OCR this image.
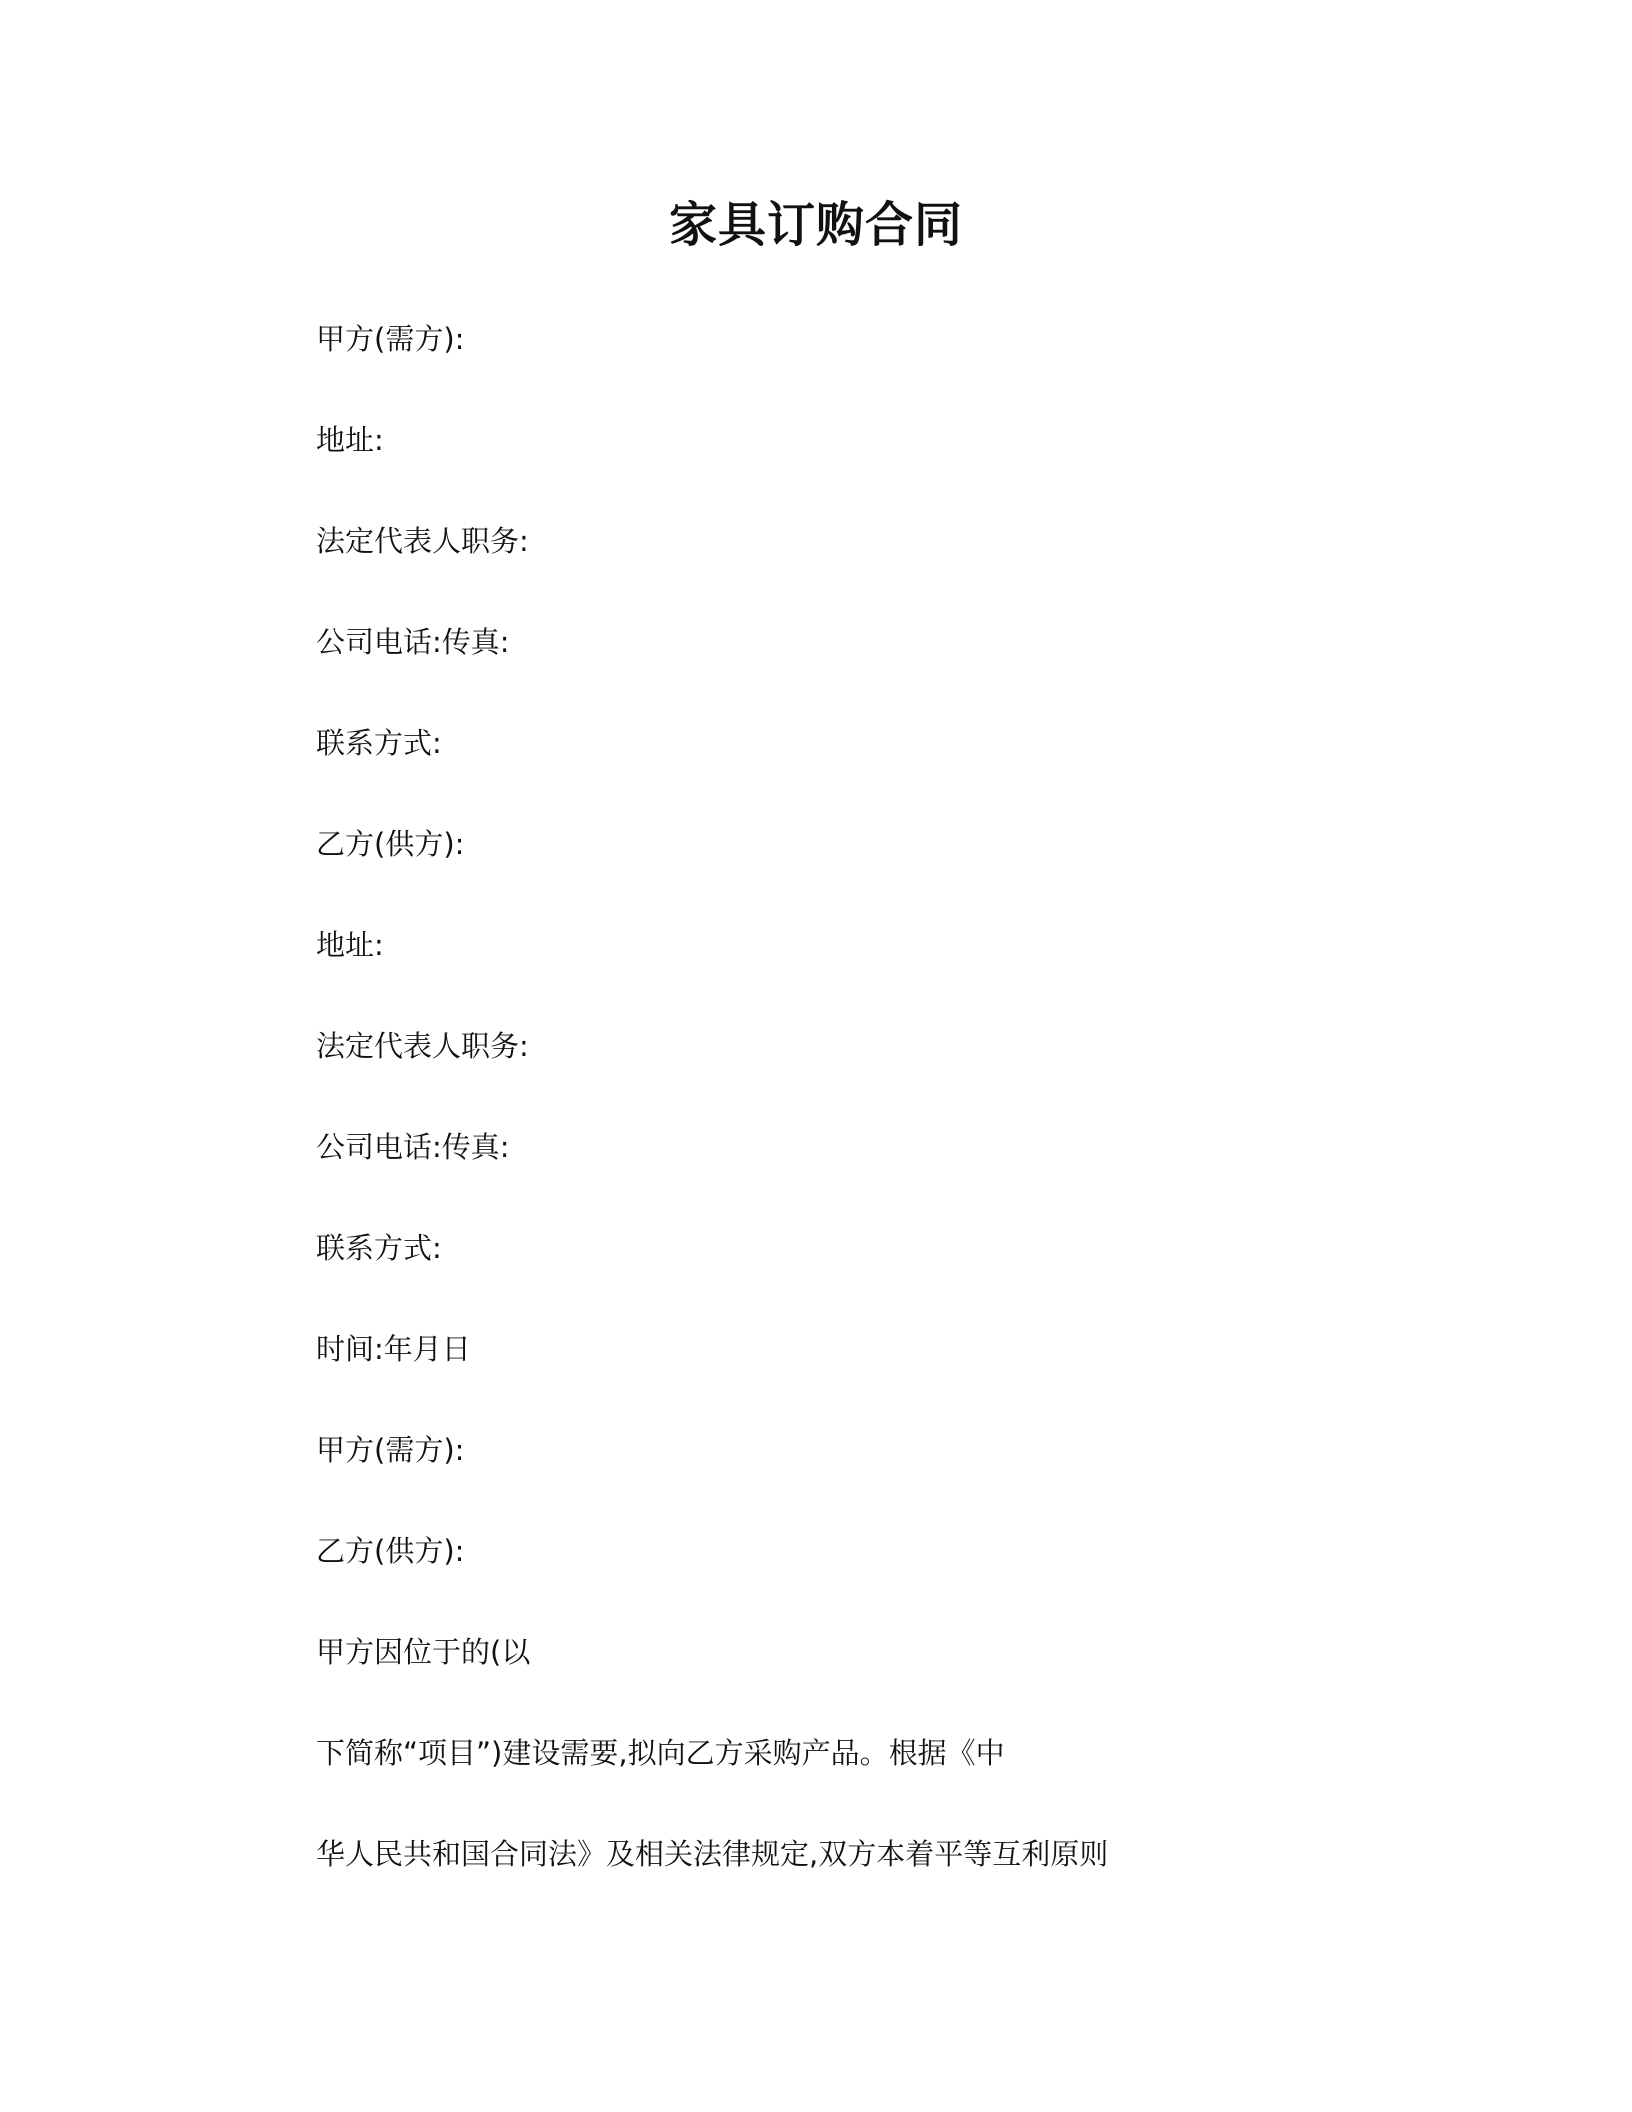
家具订购合同

甲方(需方):

地址:

法定代表人职务:

公司电话:传真:

联系方式:

乙方(供方):

地址:

法定代表人职务:

公司电话:传真:

联系方式:

时间:年月日

甲方(需方):

乙方(供方):

甲方因位于的(以

下简称“项目”)建设需要,拟向乙方采购产品。根据《中

华人民共和国合同法》及相关法律规定,双方本着平等互利原则
